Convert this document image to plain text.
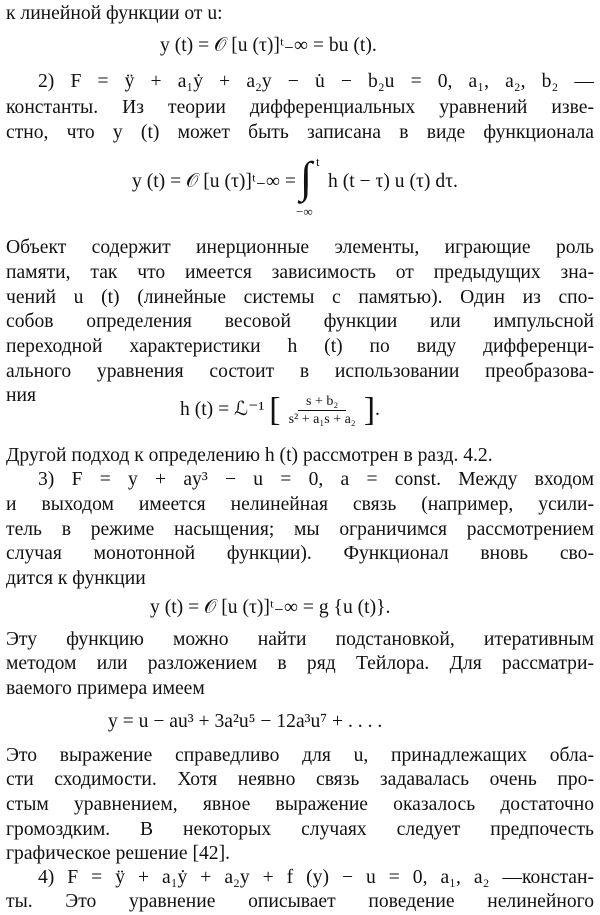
к линейной функции от u:
y (t) = 𝒪 [u (τ)]ᵗ₋∞ = bu (t).
2) F = ÿ + a₁ẏ + a₂y − u̇ − b₂u = 0, a₁, a₂, b₂ —
константы. Из теории дифференциальных уравнений изве-
стно, что y (t) может быть записана в виде функционала
y (t) = 𝒪 [u (τ)]ᵗ₋∞ = ∫ t
−∞
h (t − τ) u (τ) dτ.
Объект содержит инерционные элементы, играющие роль
памяти, так что имеется зависимость от предыдущих зна-
чений u (t) (линейные системы с памятью). Один из спо-
собов определения весовой функции или импульсной
переходной характеристики h (t) по виду дифференци-
ального уравнения состоит в использовании преобразова-
ния
h (t) = ℒ⁻¹ [ $\frac{\text{s + b₂}}{\text{s² + a₁s + a₂}}$ ].
Другой подход к определению h (t) рассмотрен в разд. 4.2.
3) F = y + ay³ − u = 0, a = const. Между входом
и выходом имеется нелинейная связь (например, усили-
тель в режиме насыщения; мы ограничимся рассмотрением
случая монотонной функции). Функционал вновь сво-
дится к функции
y (t) = 𝒪 [u (τ)]ᵗ₋∞ = g {u (t)}.
Эту функцию можно найти подстановкой, итеративным
методом или разложением в ряд Тейлора. Для рассматри-
ваемого примера имеем
y = u − au³ + 3a²u⁵ − 12a³u⁷ + . . . .
Это выражение справедливо для u, принадлежащих обла-
сти сходимости. Хотя неявно связь задавалась очень про-
стым уравнением, явное выражение оказалось достаточно
громоздким. В некоторых случаях следует предпочесть
графическое решение [42].
4) F = ÿ + a₁ẏ + a₂y + f (y) − u = 0, a₁, a₂ —констан-
ты. Это уравнение описывает поведение нелинейного
